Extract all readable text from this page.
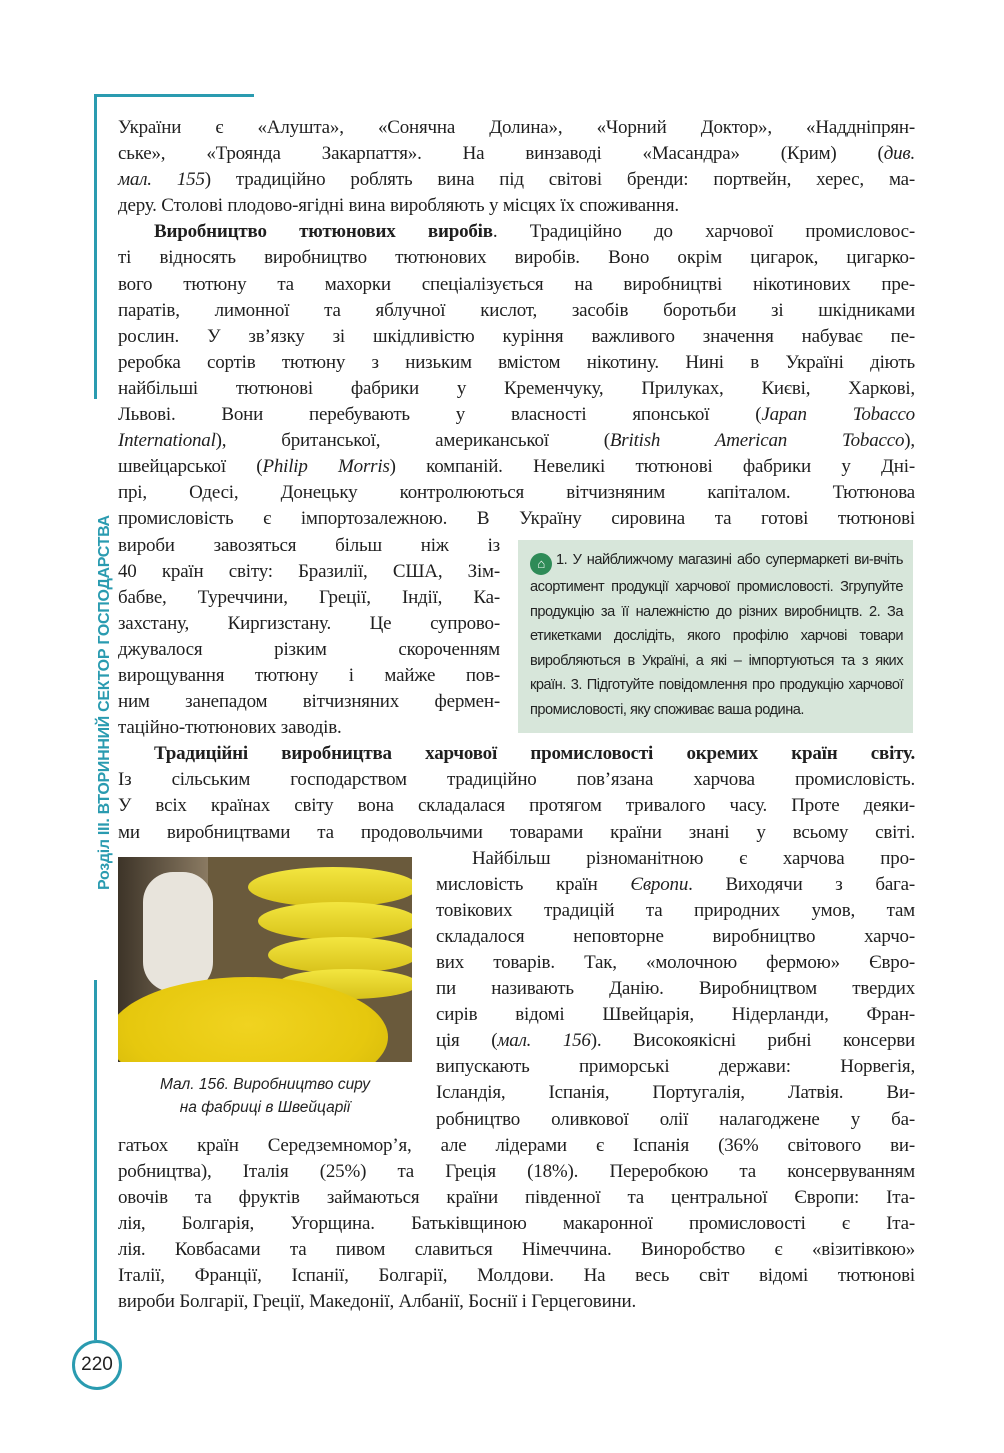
Розділ III. ВТОРИННИЙ СЕКТОР ГОСПОДАРСТВА
України є «Алушта», «Сонячна Долина», «Чорний Доктор», «Наддніпрян-
ське», «Троянда Закарпаття». На винзаводі «Масандра» (Крим) (див.
мал. 155) традиційно роблять вина під світові бренди: портвейн, херес, ма-
деру. Столові плодово-ягідні вина виробляють у місцях їх споживання.
Виробництво тютюнових виробів. Традиційно до харчової промисловос-
ті відносять виробництво тютюнових виробів. Воно окрім цигарок, цигарко-
вого тютюну та махорки спеціалізується на виробництві нікотинових пре-
паратів, лимонної та яблучної кислот, засобів боротьби зі шкідниками
рослин. У зв’язку зі шкідливістю куріння важливого значення набуває пе-
реробка сортів тютюну з низьким вмістом нікотину. Нині в Україні діють
найбільші тютюнові фабрики у Кременчуку, Прилуках, Києві, Харкові,
Львові. Вони перебувають у власності японської (Japan Tobacco
International), британської, американської (British American Tobacco),
швейцарської (Philip Morris) компаній. Невеликі тютюнові фабрики у Дні-
прі, Одесі, Донецьку контролюються вітчизняним капіталом. Тютюнова
промисловість є імпортозалежною. В Україну сировина та готові тютюнові
вироби завозяться більш ніж із
40 країн світу: Бразилії, США, Зім-
бабве, Туреччини, Греції, Індії, Ка-
захстану, Киргизстану. Це супрово-
джувалося різким скороченням
вирощування тютюну і майже пов-
ним занепадом вітчизняних фермен-
таційно-тютюнових заводів.
Традиційні виробництва харчової промисловості окремих країн світу.
Із сільським господарством традиційно пов’язана харчова промисловість.
У всіх країнах світу вона складалася протягом тривалого часу. Проте деяки-
ми виробництвами та продовольчими товарами країни знані у всьому світі.
Найбільш різноманітною є харчова про-
мисловість країн Європи. Виходячи з бага-
товікових традицій та природних умов, там
складалося неповторне виробництво харчо-
вих товарів. Так, «молочною фермою» Євро-
пи називають Данію. Виробництвом твердих
сирів відомі Швейцарія, Нідерланди, Фран-
ція (мал. 156). Високоякісні рибні консерви
випускають приморські держави: Норвегія,
Ісландія, Іспанія, Португалія, Латвія. Ви-
робництво оливкової олії налагоджене у ба-
гатьох країн Середземномор’я, але лідерами є Іспанія (36% світового ви-
робництва), Італія (25%) та Греція (18%). Переробкою та консервуванням
овочів та фруктів займаються країни південної та центральної Європи: Іта-
лія, Болгарія, Угорщина. Батьківщиною макаронної промисловості є Іта-
лія. Ковбасами та пивом славиться Німеччина. Виноробство є «візитівкою»
Італії, Франції, Іспанії, Болгарії, Молдови. На весь світ відомі тютюнові
вироби Болгарії, Греції, Македонії, Албанії, Боснії і Герцеговини.
⌂ 1. У найближчому магазині або супермаркеті ви-вчіть асортимент продукції харчової промисловості. Згрупуйте продукцію за її належністю до різних виробництв. 2. За етикетками дослідіть, якого профілю харчові товари виробляються в Україні, а які – імпортуються та з яких країн. 3. Підготуйте повідомлення про продукцію харчової промисловості, яку споживає ваша родина.
Мал. 156. Виробництво сиру
на фабриці в Швейцарії
220
